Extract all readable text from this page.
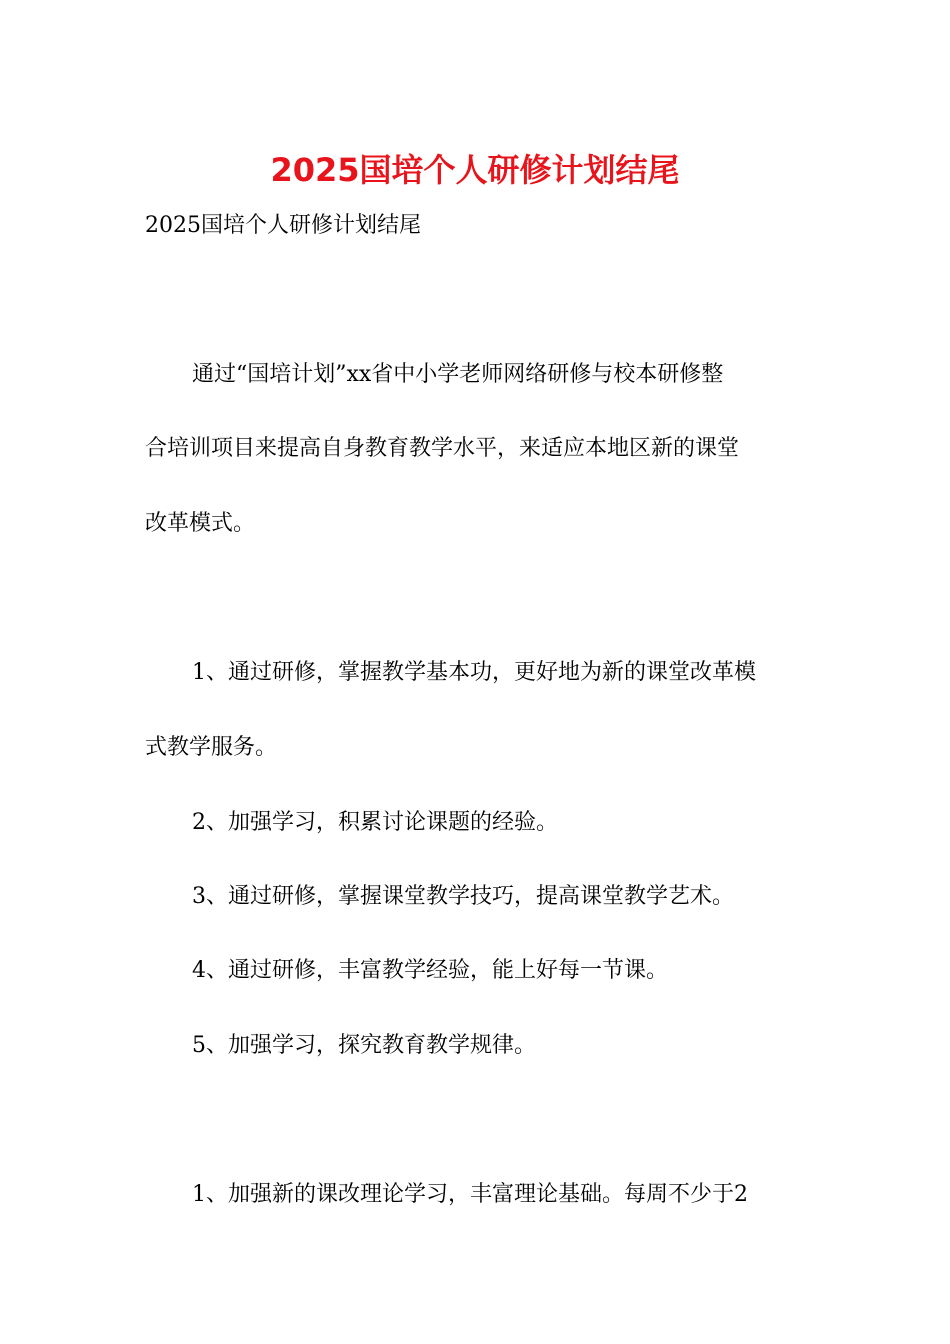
2025国培个人研修计划结尾
2025国培个人研修计划结尾
通过“国培计划”xx省中小学老师网络研修与校本研修整
合培训项目来提高自身教育教学水平，来适应本地区新的课堂
改革模式。
1、通过研修，掌握教学基本功，更好地为新的课堂改革模
式教学服务。
2、加强学习，积累讨论课题的经验。
3、通过研修，掌握课堂教学技巧，提高课堂教学艺术。
4、通过研修，丰富教学经验，能上好每一节课。
5、加强学习，探究教育教学规律。
1、加强新的课改理论学习，丰富理论基础。每周不少于2
